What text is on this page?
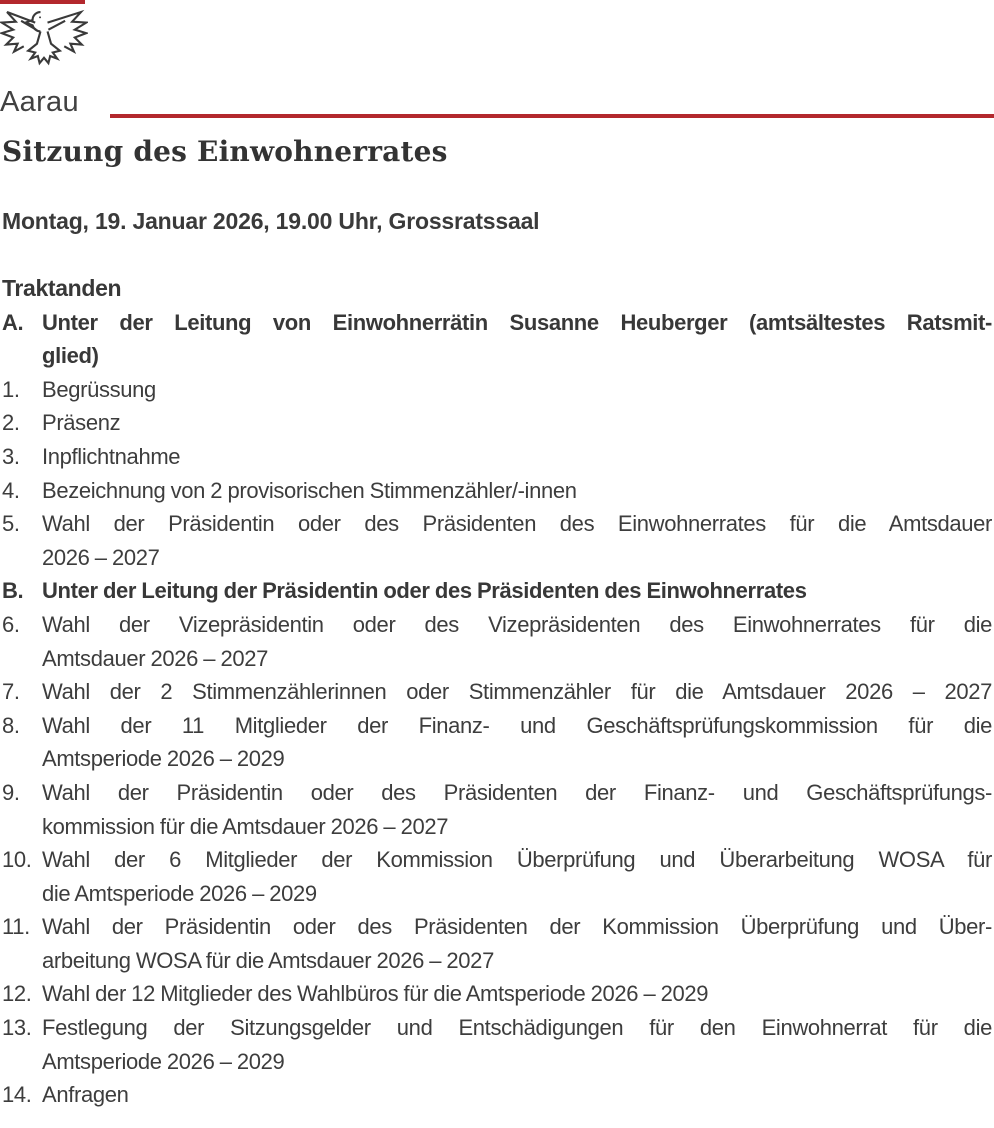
Aarau
Sitzung des Einwohnerrates
Montag, 19. Januar 2026, 19.00 Uhr, Grossratssaal
Traktanden
A. Unter der Leitung von Einwohnerrätin Susanne Heuberger (amtsältestes Ratsmit-
glied)
1.	Begrüssung
2.	Präsenz
3.	Inpflichtnahme
4.	Bezeichnung von 2 provisorischen Stimmenzähler/-innen
5.	Wahl der Präsidentin oder des Präsidenten des Einwohnerrates für die Amtsdauer
2026 – 2027
B. Unter der Leitung der Präsidentin oder des Präsidenten des Einwohnerrates
6.	Wahl der Vizepräsidentin oder des Vizepräsidenten des Einwohnerrates für die
Amtsdauer 2026 – 2027
7.	Wahl der 2 Stimmenzählerinnen oder Stimmenzähler für die Amtsdauer 2026 – 2027
8.	Wahl der 11 Mitglieder der Finanz- und Geschäftsprüfungskommission für die
Amtsperiode 2026 – 2029
9.	Wahl der Präsidentin oder des Präsidenten der Finanz- und Geschäftsprüfungs-
kommission für die Amtsdauer 2026 – 2027
10. Wahl der 6 Mitglieder der Kommission Überprüfung und Überarbeitung WOSA für
die Amtsperiode 2026 – 2029
11. Wahl der Präsidentin oder des Präsidenten der Kommission Überprüfung und Über-
arbeitung WOSA für die Amtsdauer 2026 – 2027
12. Wahl der 12 Mitglieder des Wahlbüros für die Amtsperiode 2026 – 2029
13. Festlegung der Sitzungsgelder und Entschädigungen für den Einwohnerrat für die
Amtsperiode 2026 – 2029
14. Anfragen
